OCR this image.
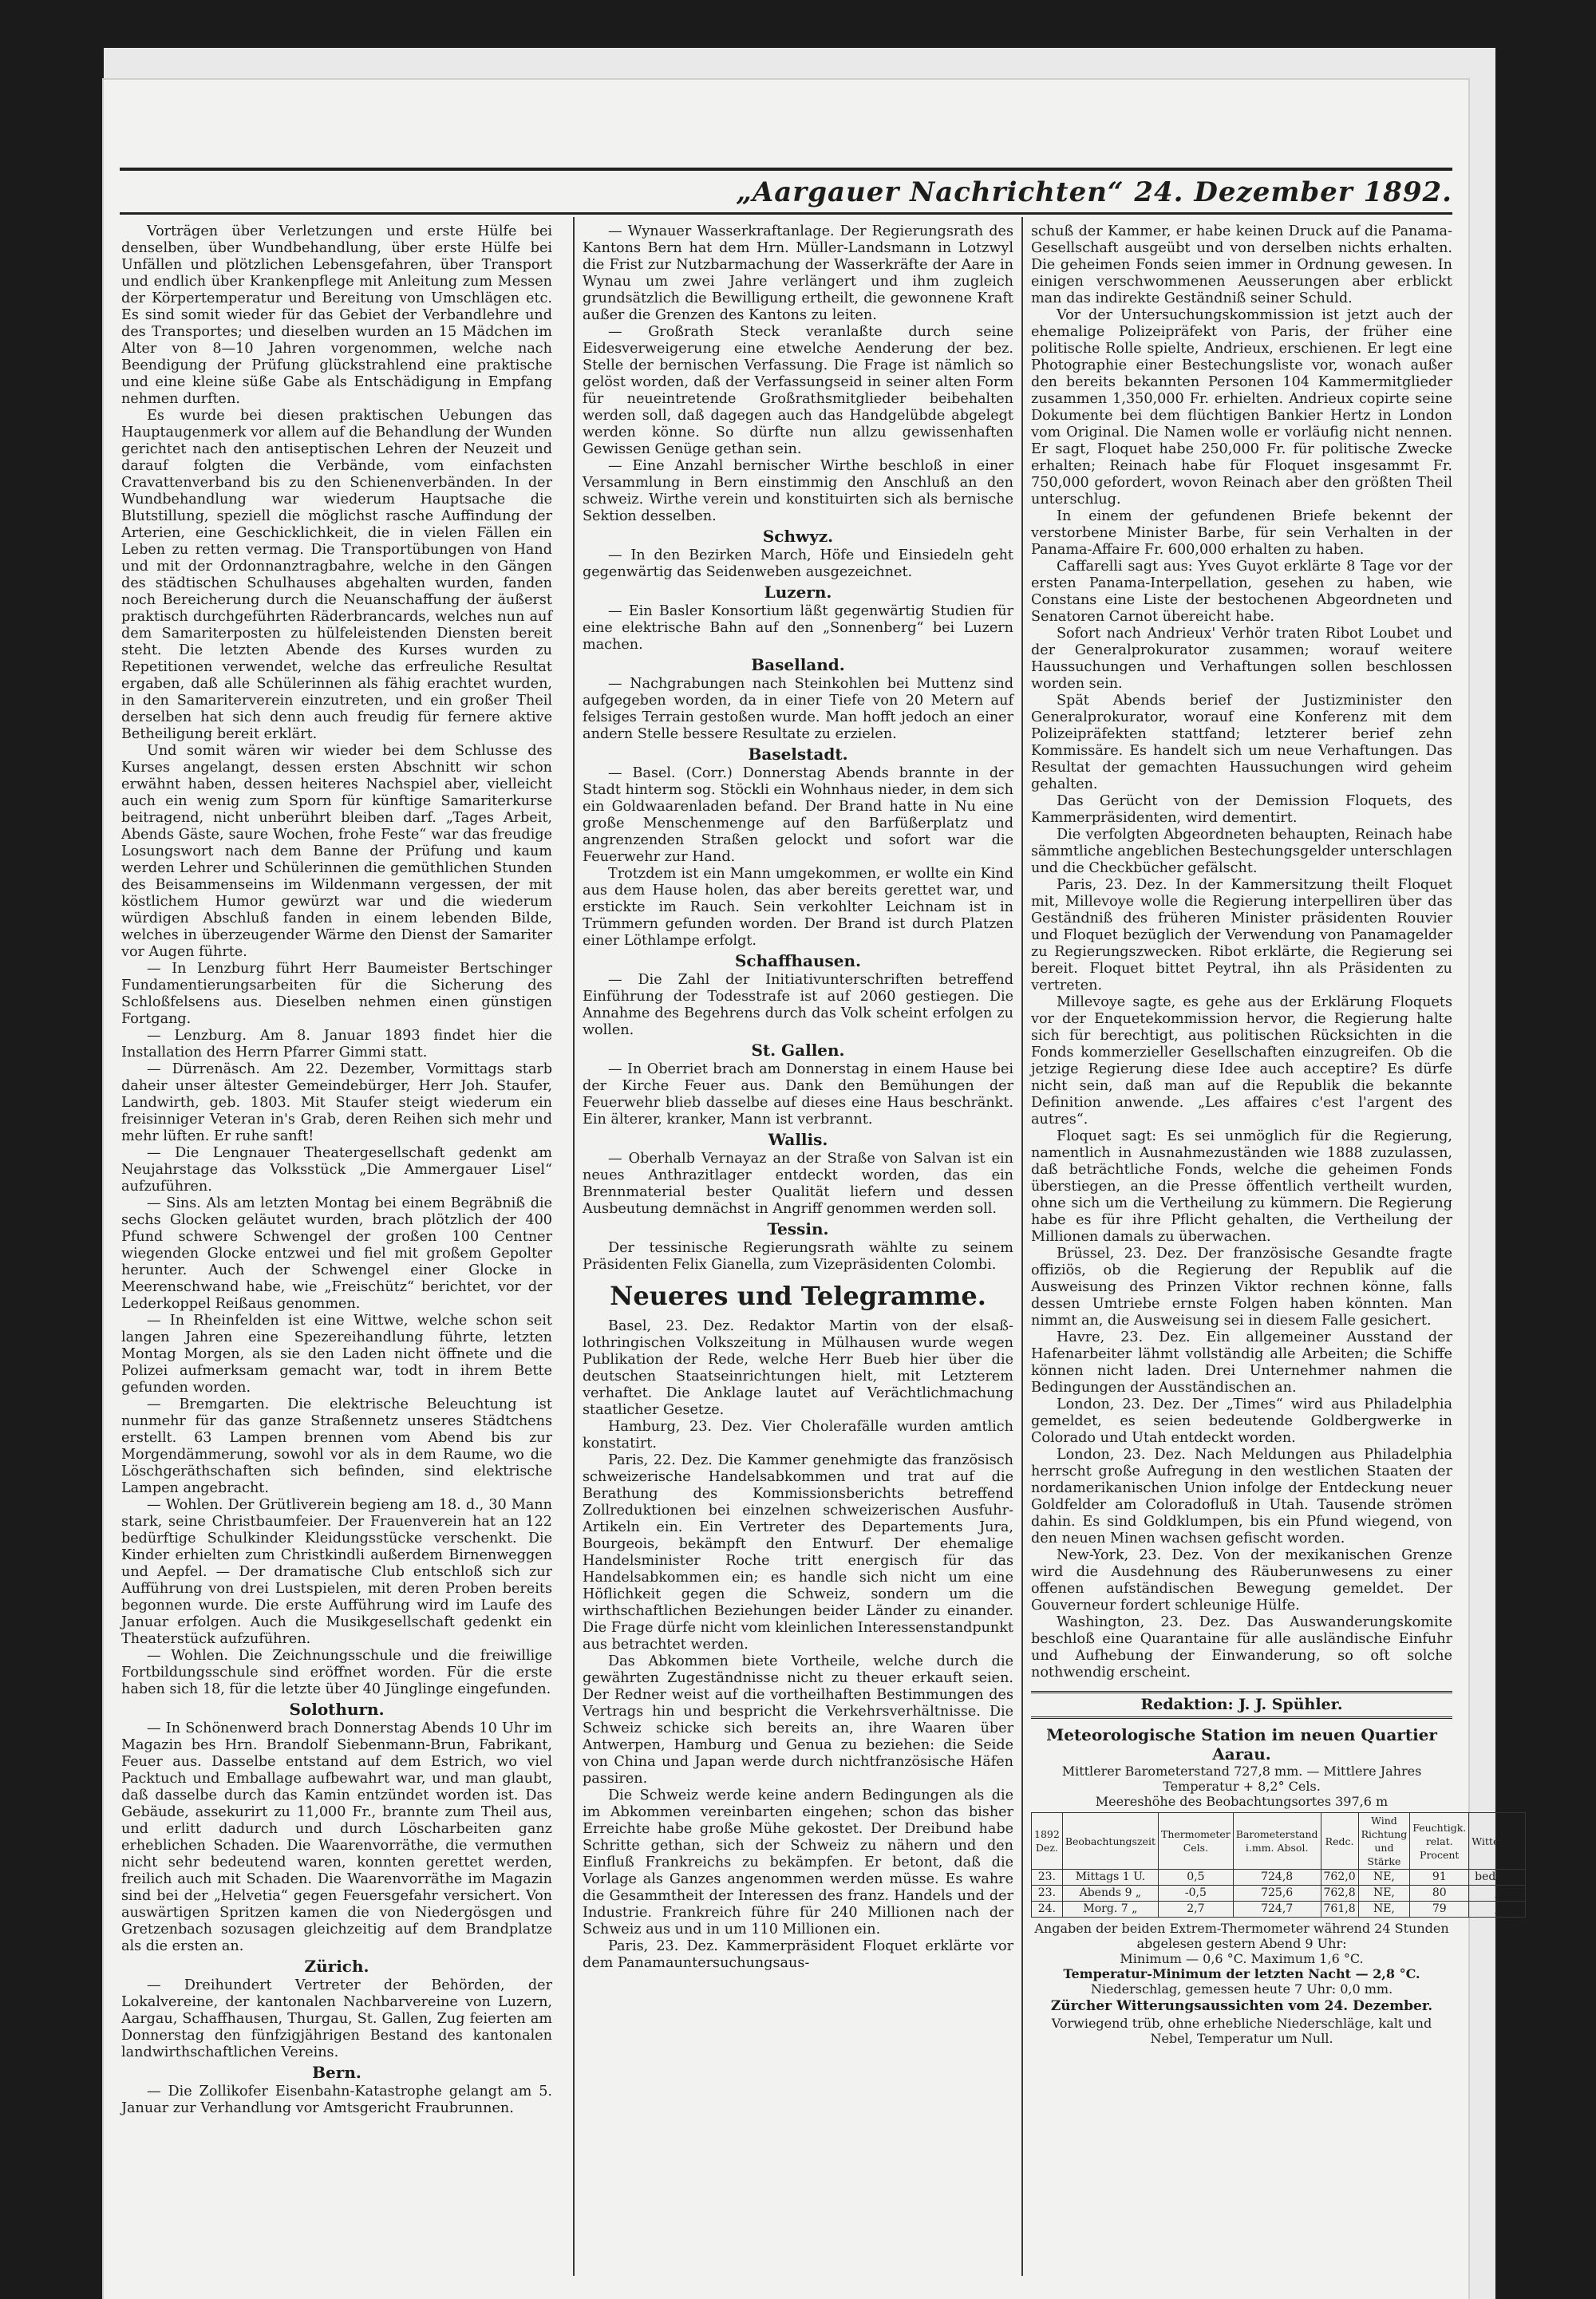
„Aargauer Nachrichten“ 24. Dezember 1892.

Vorträgen über Verletzungen und erste Hülfe bei denselben, über Wundbehandlung, über erste Hülfe bei Unfällen und plötzlichen Lebensgefahren, über Transport und endlich über Krankenpflege mit Anleitung zum Messen der Körpertemperatur und Bereitung von Umschlägen etc. Es sind somit wieder für das Gebiet der Verbandlehre und des Transportes; und dieselben wurden an 15 Mädchen im Alter von 8—10 Jahren vorgenommen, welche nach Beendigung der Prüfung glückstrahlend eine praktische und eine kleine süße Gabe als Entschädigung in Empfang nehmen durften.

Es wurde bei diesen praktischen Uebungen das Hauptaugenmerk vor allem auf die Behandlung der Wunden gerichtet nach den antiseptischen Lehren der Neuzeit und darauf folgten die Verbände, vom einfachsten Cravattenverband bis zu den Schienenverbänden. In der Wundbehandlung war wiederum Hauptsache die Blutstillung, speziell die möglichst rasche Auffindung der Arterien, eine Geschicklichkeit, die in vielen Fällen ein Leben zu retten vermag. Die Transportübungen von Hand und mit der Ordonnanztragbahre, welche in den Gängen des städtischen Schulhauses abgehalten wurden, fanden noch Bereicherung durch die Neuanschaffung der äußerst praktisch durchgeführten Räderbrancards, welches nun auf dem Samariterposten zu hülfeleistenden Diensten bereit steht. Die letzten Abende des Kurses wurden zu Repetitionen verwendet, welche das erfreuliche Resultat ergaben, daß alle Schülerinnen als fähig erachtet wurden, in den Samariterverein einzutreten, und ein großer Theil derselben hat sich denn auch freudig für fernere aktive Betheiligung bereit erklärt.

Und somit wären wir wieder bei dem Schlusse des Kurses angelangt, dessen ersten Abschnitt wir schon erwähnt haben, dessen heiteres Nachspiel aber, vielleicht auch ein wenig zum Sporn für künftige Samariterkurse beitragend, nicht unberührt bleiben darf. „Tages Arbeit, Abends Gäste, saure Wochen, frohe Feste“ war das freudige Losungswort nach dem Banne der Prüfung und kaum werden Lehrer und Schülerinnen die gemüthlichen Stunden des Beisammenseins im Wildenmann vergessen, der mit köstlichem Humor gewürzt war und die wiederum würdigen Abschluß fanden in einem lebenden Bilde, welches in überzeugender Wärme den Dienst der Samariter vor Augen führte.

— In Lenzburg führt Herr Baumeister Bertschinger Fundamentierungsarbeiten für die Sicherung des Schloßfelsens aus. Dieselben nehmen einen günstigen Fortgang.

— Lenzburg. Am 8. Januar 1893 findet hier die Installation des Herrn Pfarrer Gimmi statt.

— Dürrenäsch. Am 22. Dezember, Vormittags starb daheir unser ältester Gemeindebürger, Herr Joh. Staufer, Landwirth, geb. 1803. Mit Staufer steigt wiederum ein freisinniger Veteran in's Grab, deren Reihen sich mehr und mehr lüften. Er ruhe sanft!

— Die Lengnauer Theatergesellschaft gedenkt am Neujahrstage das Volksstück „Die Ammergauer Lisel“ aufzuführen.

— Sins. Als am letzten Montag bei einem Begräbniß die sechs Glocken geläutet wurden, brach plötzlich der 400 Pfund schwere Schwengel der großen 100 Centner wiegenden Glocke entzwei und fiel mit großem Gepolter herunter. Auch der Schwengel einer Glocke in Meerenschwand habe, wie „Freischütz“ berichtet, vor der Lederkoppel Reißaus genommen.

— In Rheinfelden ist eine Wittwe, welche schon seit langen Jahren eine Spezereihandlung führte, letzten Montag Morgen, als sie den Laden nicht öffnete und die Polizei aufmerksam gemacht war, todt in ihrem Bette gefunden worden.

— Bremgarten. Die elektrische Beleuchtung ist nunmehr für das ganze Straßennetz unseres Städtchens erstellt. 63 Lampen brennen vom Abend bis zur Morgendämmerung, sowohl vor als in dem Raume, wo die Löschgeräthschaften sich befinden, sind elektrische Lampen angebracht.

— Wohlen. Der Grütliverein begieng am 18. d., 30 Mann stark, seine Christbaumfeier. Der Frauenverein hat an 122 bedürftige Schulkinder Kleidungsstücke verschenkt. Die Kinder erhielten zum Christkindli außerdem Birnenweggen und Aepfel. — Der dramatische Club entschloß sich zur Aufführung von drei Lustspielen, mit deren Proben bereits begonnen wurde. Die erste Aufführung wird im Laufe des Januar erfolgen. Auch die Musikgesellschaft gedenkt ein Theaterstück aufzuführen.

— Wohlen. Die Zeichnungsschule und die freiwillige Fortbildungsschule sind eröffnet worden. Für die erste haben sich 18, für die letzte über 40 Jünglinge eingefunden.

Solothurn.

— In Schönenwerd brach Donnerstag Abends 10 Uhr im Magazin bes Hrn. Brandolf Siebenmann-Brun, Fabrikant, Feuer aus. Dasselbe entstand auf dem Estrich, wo viel Packtuch und Emballage aufbewahrt war, und man glaubt, daß dasselbe durch das Kamin entzündet worden ist. Das Gebäude, assekurirt zu 11,000 Fr., brannte zum Theil aus, und erlitt dadurch und durch Löscharbeiten ganz erheblichen Schaden. Die Waarenvorräthe, die vermuthen nicht sehr bedeutend waren, konnten gerettet werden, freilich auch mit Schaden. Die Waarenvorräthe im Magazin sind bei der „Helvetia“ gegen Feuersgefahr versichert. Von auswärtigen Spritzen kamen die von Niedergösgen und Gretzenbach sozusagen gleichzeitig auf dem Brandplatze als die ersten an.

Zürich.

— Dreihundert Vertreter der Behörden, der Lokalvereine, der kantonalen Nachbarvereine von Luzern, Aargau, Schaffhausen, Thurgau, St. Gallen, Zug feierten am Donnerstag den fünfzigjährigen Bestand des kantonalen landwirthschaftlichen Vereins.

Bern.

— Die Zollikofer Eisenbahn-Katastrophe gelangt am 5. Januar zur Verhandlung vor Amtsgericht Fraubrunnen.

— Wynauer Wasserkraftanlage. Der Regierungsrath des Kantons Bern hat dem Hrn. Müller-Landsmann in Lotzwyl die Frist zur Nutzbarmachung der Wasserkräfte der Aare in Wynau um zwei Jahre verlängert und ihm zugleich grundsätzlich die Bewilligung ertheilt, die gewonnene Kraft außer die Grenzen des Kantons zu leiten.

— Großrath Steck veranlaßte durch seine Eidesverweigerung eine etwelche Aenderung der bez. Stelle der bernischen Verfassung. Die Frage ist nämlich so gelöst worden, daß der Verfassungseid in seiner alten Form für neueintretende Großrathsmitglieder beibehalten werden soll, daß dagegen auch das Handgelübde abgelegt werden könne. So dürfte nun allzu gewissenhaften Gewissen Genüge gethan sein.

— Eine Anzahl bernischer Wirthe beschloß in einer Versammlung in Bern einstimmig den Anschluß an den schweiz. Wirthe verein und konstituirten sich als bernische Sektion desselben.

Schwyz.

— In den Bezirken March, Höfe und Einsiedeln geht gegenwärtig das Seidenweben ausgezeichnet.

Luzern.

— Ein Basler Konsortium läßt gegenwärtig Studien für eine elektrische Bahn auf den „Sonnenberg“ bei Luzern machen.

Baselland.

— Nachgrabungen nach Steinkohlen bei Muttenz sind aufgegeben worden, da in einer Tiefe von 20 Metern auf felsiges Terrain gestoßen wurde. Man hofft jedoch an einer andern Stelle bessere Resultate zu erzielen.

Baselstadt.

— Basel. (Corr.) Donnerstag Abends brannte in der Stadt hinterm sog. Stöckli ein Wohnhaus nieder, in dem sich ein Goldwaarenladen befand. Der Brand hatte in Nu eine große Menschenmenge auf den Barfüßerplatz und angrenzenden Straßen gelockt und sofort war die Feuerwehr zur Hand.

Trotzdem ist ein Mann umgekommen, er wollte ein Kind aus dem Hause holen, das aber bereits gerettet war, und erstickte im Rauch. Sein verkohlter Leichnam ist in Trümmern gefunden worden. Der Brand ist durch Platzen einer Löthlampe erfolgt.

Schaffhausen.

— Die Zahl der Initiativunterschriften betreffend Einführung der Todesstrafe ist auf 2060 gestiegen. Die Annahme des Begehrens durch das Volk scheint erfolgen zu wollen.

St. Gallen.

— In Oberriet brach am Donnerstag in einem Hause bei der Kirche Feuer aus. Dank den Bemühungen der Feuerwehr blieb dasselbe auf dieses eine Haus beschränkt. Ein älterer, kranker, Mann ist verbrannt.

Wallis.

— Oberhalb Vernayaz an der Straße von Salvan ist ein neues Anthrazitlager entdeckt worden, das ein Brennmaterial bester Qualität liefern und dessen Ausbeutung demnächst in Angriff genommen werden soll.

Tessin.

Der tessinische Regierungsrath wählte zu seinem Präsidenten Felix Gianella, zum Vizepräsidenten Colombi.

Neueres und Telegramme.

Basel, 23. Dez. Redaktor Martin von der elsaß-lothringischen Volkszeitung in Mülhausen wurde wegen Publikation der Rede, welche Herr Bueb hier über die deutschen Staatseinrichtungen hielt, mit Letzterem verhaftet. Die Anklage lautet auf Verächtlichmachung staatlicher Gesetze.

Hamburg, 23. Dez. Vier Cholerafälle wurden amtlich konstatirt.

Paris, 22. Dez. Die Kammer genehmigte das französisch schweizerische Handelsabkommen und trat auf die Berathung des Kommissionsberichts betreffend Zollreduktionen bei einzelnen schweizerischen Ausfuhr-Artikeln ein. Ein Vertreter des Departements Jura, Bourgeois, bekämpft den Entwurf. Der ehemalige Handelsminister Roche tritt energisch für das Handelsabkommen ein; es handle sich nicht um eine Höflichkeit gegen die Schweiz, sondern um die wirthschaftlichen Beziehungen beider Länder zu einander. Die Frage dürfe nicht vom kleinlichen Interessenstandpunkt aus betrachtet werden.

Das Abkommen biete Vortheile, welche durch die gewährten Zugeständnisse nicht zu theuer erkauft seien. Der Redner weist auf die vortheilhaften Bestimmungen des Vertrags hin und bespricht die Verkehrsverhältnisse. Die Schweiz schicke sich bereits an, ihre Waaren über Antwerpen, Hamburg und Genua zu beziehen: die Seide von China und Japan werde durch nichtfranzösische Häfen passiren.

Die Schweiz werde keine andern Bedingungen als die im Abkommen vereinbarten eingehen; schon das bisher Erreichte habe große Mühe gekostet. Der Dreibund habe Schritte gethan, sich der Schweiz zu nähern und den Einfluß Frankreichs zu bekämpfen. Er betont, daß die Vorlage als Ganzes angenommen werden müsse. Es wahre die Gesammtheit der Interessen des franz. Handels und der Industrie. Frankreich führe für 240 Millionen nach der Schweiz aus und in um 110 Millionen ein.

Paris, 23. Dez. Kammerpräsident Floquet erklärte vor dem Panamauntersuchungsaus-

schuß der Kammer, er habe keinen Druck auf die Panama-Gesellschaft ausgeübt und von derselben nichts erhalten. Die geheimen Fonds seien immer in Ordnung gewesen. In einigen verschwommenen Aeusserungen aber erblickt man das indirekte Geständniß seiner Schuld.

Vor der Untersuchungskommission ist jetzt auch der ehemalige Polizeipräfekt von Paris, der früher eine politische Rolle spielte, Andrieux, erschienen. Er legt eine Photographie einer Bestechungsliste vor, wonach außer den bereits bekannten Personen 104 Kammermitglieder zusammen 1,350,000 Fr. erhielten. Andrieux copirte seine Dokumente bei dem flüchtigen Bankier Hertz in London vom Original. Die Namen wolle er vorläufig nicht nennen. Er sagt, Floquet habe 250,000 Fr. für politische Zwecke erhalten; Reinach habe für Floquet insgesammt Fr. 750,000 gefordert, wovon Reinach aber den größten Theil unterschlug.

In einem der gefundenen Briefe bekennt der verstorbene Minister Barbe, für sein Verhalten in der Panama-Affaire Fr. 600,000 erhalten zu haben.

Caffarelli sagt aus: Yves Guyot erklärte 8 Tage vor der ersten Panama-Interpellation, gesehen zu haben, wie Constans eine Liste der bestochenen Abgeordneten und Senatoren Carnot übereicht habe.

Sofort nach Andrieux' Verhör traten Ribot Loubet und der Generalprokurator zusammen; worauf weitere Haussuchungen und Verhaftungen sollen beschlossen worden sein.

Spät Abends berief der Justizminister den Generalprokurator, worauf eine Konferenz mit dem Polizeipräfekten stattfand; letzterer berief zehn Kommissäre. Es handelt sich um neue Verhaftungen. Das Resultat der gemachten Haussuchungen wird geheim gehalten.

Das Gerücht von der Demission Floquets, des Kammerpräsidenten, wird dementirt.

Die verfolgten Abgeordneten behaupten, Reinach habe sämmtliche angeblichen Bestechungsgelder unterschlagen und die Checkbücher gefälscht.

Paris, 23. Dez. In der Kammersitzung theilt Floquet mit, Millevoye wolle die Regierung interpelliren über das Geständniß des früheren Minister präsidenten Rouvier und Floquet bezüglich der Verwendung von Panamagelder zu Regierungszwecken. Ribot erklärte, die Regierung sei bereit. Floquet bittet Peytral, ihn als Präsidenten zu vertreten.

Millevoye sagte, es gehe aus der Erklärung Floquets vor der Enquetekommission hervor, die Regierung halte sich für berechtigt, aus politischen Rücksichten in die Fonds kommerzieller Gesellschaften einzugreifen. Ob die jetzige Regierung diese Idee auch acceptire? Es dürfe nicht sein, daß man auf die Republik die bekannte Definition anwende. „Les affaires c'est l'argent des autres“.

Floquet sagt: Es sei unmöglich für die Regierung, namentlich in Ausnahmezuständen wie 1888 zuzulassen, daß beträchtliche Fonds, welche die geheimen Fonds überstiegen, an die Presse öffentlich vertheilt wurden, ohne sich um die Vertheilung zu kümmern. Die Regierung habe es für ihre Pflicht gehalten, die Vertheilung der Millionen damals zu überwachen.

Brüssel, 23. Dez. Der französische Gesandte fragte offiziös, ob die Regierung der Republik auf die Ausweisung des Prinzen Viktor rechnen könne, falls dessen Umtriebe ernste Folgen haben könnten. Man nimmt an, die Ausweisung sei in diesem Falle gesichert.

Havre, 23. Dez. Ein allgemeiner Ausstand der Hafenarbeiter lähmt vollständig alle Arbeiten; die Schiffe können nicht laden. Drei Unternehmer nahmen die Bedingungen der Ausständischen an.

London, 23. Dez. Der „Times“ wird aus Philadelphia gemeldet, es seien bedeutende Goldbergwerke in Colorado und Utah entdeckt worden.

London, 23. Dez. Nach Meldungen aus Philadelphia herrscht große Aufregung in den westlichen Staaten der nordamerikanischen Union infolge der Entdeckung neuer Goldfelder am Coloradofluß in Utah. Tausende strömen dahin. Es sind Goldklumpen, bis ein Pfund wiegend, von den neuen Minen wachsen gefischt worden.

New-York, 23. Dez. Von der mexikanischen Grenze wird die Ausdehnung des Räuberunwesens zu einer offenen aufständischen Bewegung gemeldet. Der Gouverneur fordert schleunige Hülfe.

Washington, 23. Dez. Das Auswanderungskomite beschloß eine Quarantaine für alle ausländische Einfuhr und Aufhebung der Einwanderung, so oft solche nothwendig erscheint.

Redaktion: J. J. Spühler.
Meteorologische Station im neuen Quartier Aarau.
Mittlerer Barometerstand 727,8 mm. — Mittlere Jahres Temperatur + 8,2° Cels.
Meereshöhe des Beobachtungsortes 397,6 m
1892 Dez.	Beobachtungszeit	Thermometer Cels.	Barometerstand i.mm. Absol.	Redc.	Wind Richtung und Stärke	Feuchtigk. relat. Procent	Witterung
23.	Mittags 1 U.	0,5	724,8	762,0	NE,	91	bedeckt
23.	Abends 9 „	-0,5	725,6	762,8	NE,	80	„
24.	Morg. 7 „	2,7	724,7	761,8	NE,	79	„
Angaben der beiden Extrem-Thermometer während 24 Stunden abgelesen gestern Abend 9 Uhr:
Minimum — 0,6 °C. Maximum 1,6 °C.
Temperatur-Minimum der letzten Nacht — 2,8 °C.
Niederschlag, gemessen heute 7 Uhr: 0,0 mm.
Zürcher Witterungsaussichten vom 24. Dezember.
Vorwiegend trüb, ohne erhebliche Niederschläge, kalt und Nebel, Temperatur um Null.
